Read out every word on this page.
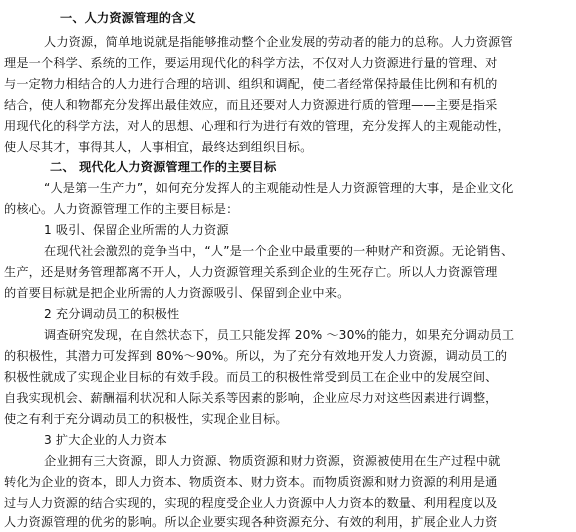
一、人力资源管理的含义

人力资源，简单地说就是指能够推动整个企业发展的劳动者的能力的总称。人力资源管

理是一个科学、系统的工作，要运用现代化的科学方法，不仅对人力资源进行量的管理、对

与一定物力相结合的人力进行合理的培训、组织和调配，使二者经常保持最佳比例和有机的

结合，使人和物都充分发挥出最佳效应，而且还要对人力资源进行质的管理——主要是指采

用现代化的科学方法，对人的思想、心理和行为进行有效的管理，充分发挥人的主观能动性，

使人尽其才，事得其人，人事相宜，最终达到组织目标。

二、 现代化人力资源管理工作的主要目标

“人是第一生产力”，如何充分发挥人的主观能动性是人力资源管理的大事，是企业文化

的核心。人力资源管理工作的主要目标是：

1 吸引、保留企业所需的人力资源

在现代社会激烈的竞争当中，“人”是一个企业中最重要的一种财产和资源。无论销售、

生产，还是财务管理都离不开人，人力资源管理关系到企业的生死存亡。所以人力资源管理

的首要目标就是把企业所需的人力资源吸引、保留到企业中来。

2 充分调动员工的积极性

调查研究发现，在自然状态下，员工只能发挥 20% ～30%的能力，如果充分调动员工

的积极性，其潜力可发挥到 80%～90%。所以，为了充分有效地开发人力资源，调动员工的

积极性就成了实现企业目标的有效手段。而员工的积极性常受到员工在企业中的发展空间、

自我实现机会、薪酬福利状况和人际关系等因素的影响，企业应尽力对这些因素进行调整，

使之有利于充分调动员工的积极性，实现企业目标。

3 扩大企业的人力资本

企业拥有三大资源，即人力资源、物质资源和财力资源，资源被使用在生产过程中就

转化为企业的资本，即人力资本、物质资本、财力资本。而物质资源和财力资源的利用是通

过与人力资源的结合实现的，实现的程度受企业人力资源中人力资本的数量、利用程度以及

人力资源管理的优劣的影响。所以企业要实现各种资源充分、有效的利用，扩展企业人力资
